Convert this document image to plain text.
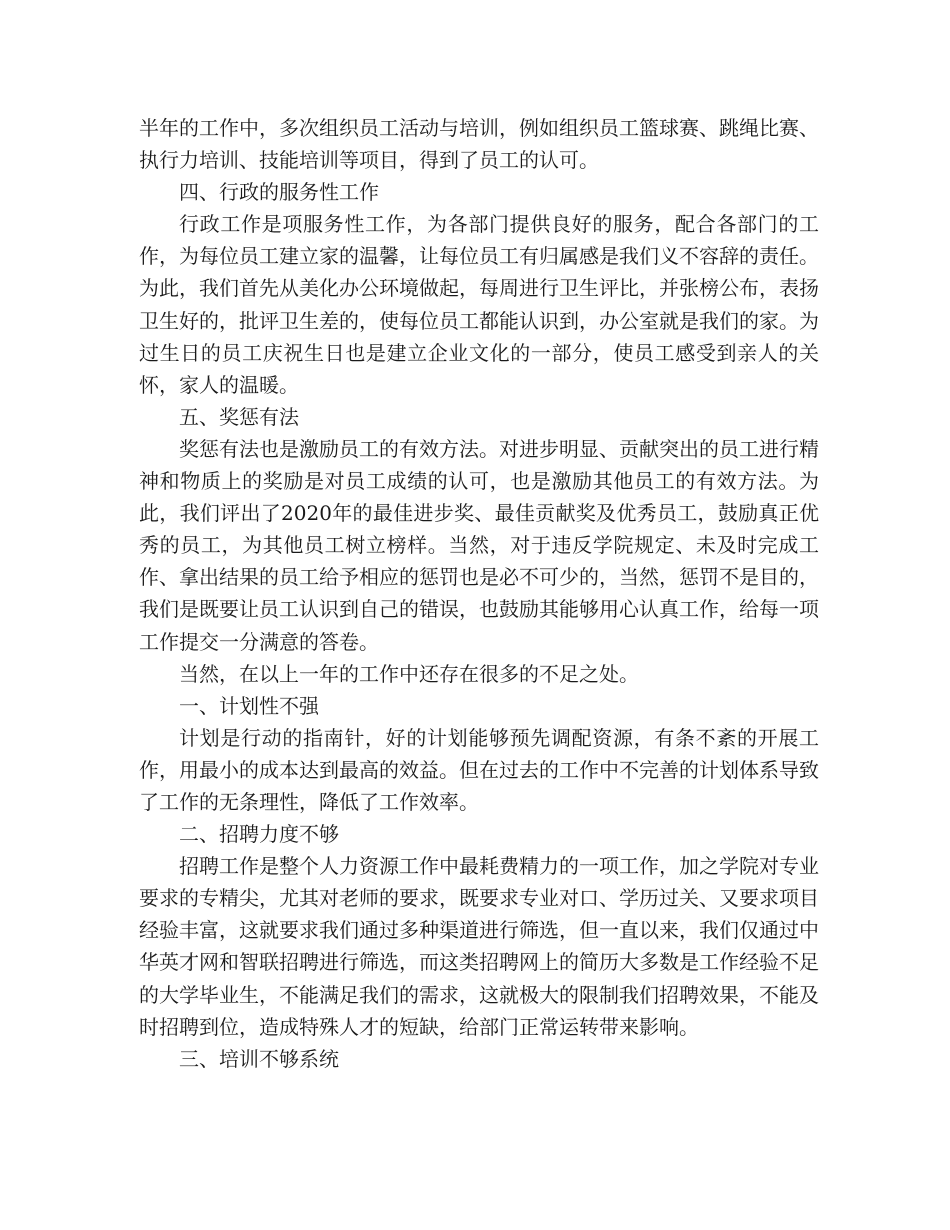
半年的工作中，多次组织员工活动与培训，例如组织员工篮球赛、跳绳比赛、执行力培训、技能培训等项目，得到了员工的认可。

四、行政的服务性工作

行政工作是项服务性工作，为各部门提供良好的服务，配合各部门的工作，为每位员工建立家的温馨，让每位员工有归属感是我们义不容辞的责任。为此，我们首先从美化办公环境做起，每周进行卫生评比，并张榜公布，表扬卫生好的，批评卫生差的，使每位员工都能认识到，办公室就是我们的家。为过生日的员工庆祝生日也是建立企业文化的一部分，使员工感受到亲人的关怀，家人的温暖。

五、奖惩有法

奖惩有法也是激励员工的有效方法。对进步明显、贡献突出的员工进行精神和物质上的奖励是对员工成绩的认可，也是激励其他员工的有效方法。为此，我们评出了2020年的最佳进步奖、最佳贡献奖及优秀员工，鼓励真正优秀的员工，为其他员工树立榜样。当然，对于违反学院规定、未及时完成工作、拿出结果的员工给予相应的惩罚也是必不可少的，当然，惩罚不是目的，我们是既要让员工认识到自己的错误，也鼓励其能够用心认真工作，给每一项工作提交一分满意的答卷。

当然，在以上一年的工作中还存在很多的不足之处。

一、计划性不强

计划是行动的指南针，好的计划能够预先调配资源，有条不紊的开展工作，用最小的成本达到最高的效益。但在过去的工作中不完善的计划体系导致了工作的无条理性，降低了工作效率。

二、招聘力度不够

招聘工作是整个人力资源工作中最耗费精力的一项工作，加之学院对专业要求的专精尖，尤其对老师的要求，既要求专业对口、学历过关、又要求项目经验丰富，这就要求我们通过多种渠道进行筛选，但一直以来，我们仅通过中华英才网和智联招聘进行筛选，而这类招聘网上的简历大多数是工作经验不足的大学毕业生，不能满足我们的需求，这就极大的限制我们招聘效果，不能及时招聘到位，造成特殊人才的短缺，给部门正常运转带来影响。

三、培训不够系统
